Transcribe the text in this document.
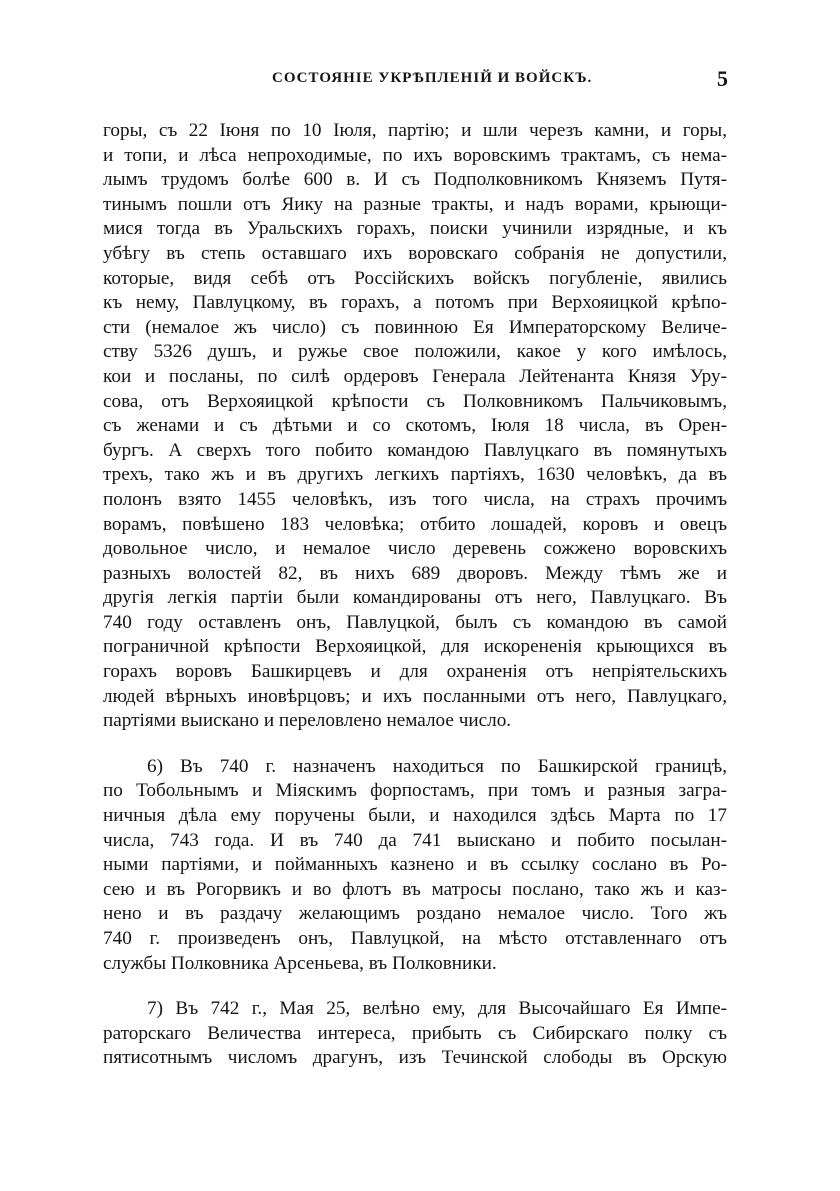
СОСТОЯНІЕ УКРѢПЛЕНІЙ И ВОЙСКЪ.	5
горы, съ 22 Іюня по 10 Іюля, партію; и шли черезъ камни, и горы,
и топи, и лѣса непроходимые, по ихъ воровскимъ трактамъ, съ нема-
лымъ трудомъ болѣе 600 в. И съ Подполковникомъ Княземъ Путя-
тинымъ пошли отъ Яику на разные тракты, и надъ ворами, крыющи-
мися тогда въ Уральскихъ горахъ, поиски учинили изрядные, и къ
убѣгу въ степь оставшаго ихъ воровскаго собранія не допустили,
которые, видя себѣ отъ Россійскихъ войскъ погубленіе, явились
къ нему, Павлуцкому, въ горахъ, а потомъ при Верхояицкой крѣпо-
сти (немалое жъ число) съ повинною Ея Императорскому Величе-
ству 5326 душъ, и ружье свое положили, какое у кого имѣлось,
кои и посланы, по силѣ ордеровъ Генерала Лейтенанта Князя Уру-
сова, отъ Верхояицкой крѣпости съ Полковникомъ Пальчиковымъ,
съ женами и съ дѣтьми и со скотомъ, Іюля 18 числа, въ Орен-
бургъ. А сверхъ того побито командою Павлуцкаго въ помянутыхъ
трехъ, тако жъ и въ другихъ легкихъ партіяхъ, 1630 человѣкъ, да въ
полонъ взято 1455 человѣкъ, изъ того числа, на страхъ прочимъ
ворамъ, повѣшено 183 человѣка; отбито лошадей, коровъ и овецъ
довольное число, и немалое число деревень сожжено воровскихъ
разныхъ волостей 82, въ нихъ 689 дворовъ. Между тѣмъ же и
другія легкія партіи были командированы отъ него, Павлуцкаго. Въ
740 году оставленъ онъ, Павлуцкой, былъ съ командою въ самой
пограничной крѣпости Верхояицкой, для искорененія крыющихся въ
горахъ воровъ Башкирцевъ и для охраненія отъ непріятельскихъ
людей вѣрныхъ иновѣрцовъ; и ихъ посланными отъ него, Павлуцкаго,
партіями выискано и переловлено немалое число.
6) Въ 740 г. назначенъ находиться по Башкирской границѣ,
по Тобольнымъ и Міяскимъ форпостамъ, при томъ и разныя загра-
ничныя дѣла ему поручены были, и находился здѣсь Марта по 17
числа, 743 года. И въ 740 да 741 выискано и побито посылан-
ными партіями, и пойманныхъ казнено и въ ссылку сослано въ Ро-
сею и въ Рогорвикъ и во флотъ въ матросы послано, тако жъ и каз-
нено и въ раздачу желающимъ роздано немалое число. Того жъ
740 г. произведенъ онъ, Павлуцкой, на мѣсто отставленнаго отъ
службы Полковника Арсеньева, въ Полковники.
7) Въ 742 г., Мая 25, велѣно ему, для Высочайшаго Ея Импе-
раторскаго Величества интереса, прибыть съ Сибирскаго полку съ
пятисотнымъ числомъ драгунъ, изъ Течинской слободы въ Орскую
